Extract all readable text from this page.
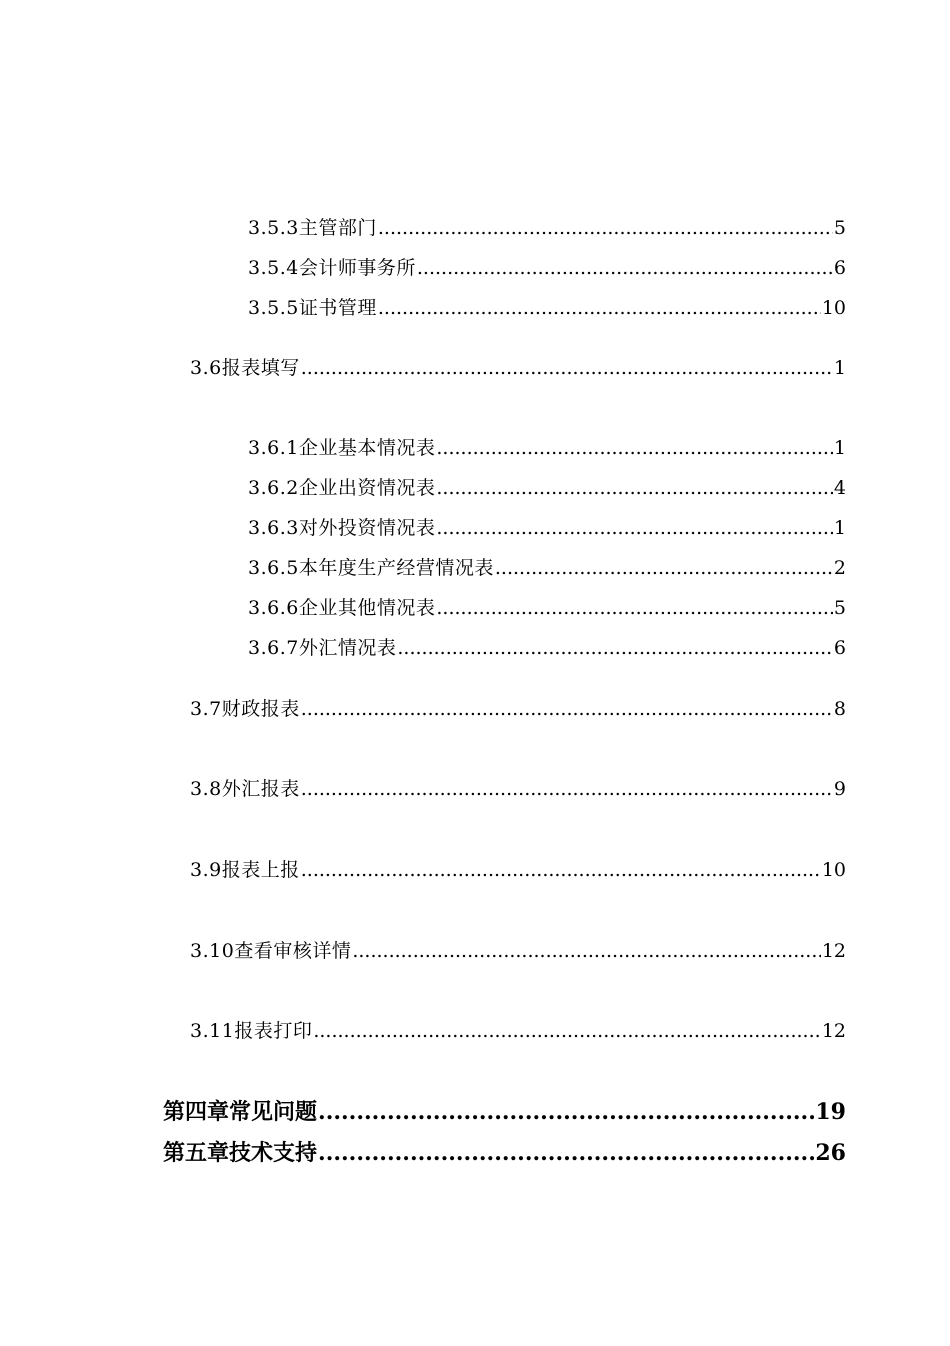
3.5.3 主管部门 .....	5
3.5.4 会计师事务所 .....	6
3.5.5 证书管理 .....	10
3.6 报表填写 .....	1
3.6.1 企业基本情况表 .....	1
3.6.2 企业出资情况表 .....	4
3.6.3 对外投资情况表 .....	1
3.6.5 本年度生产经营情况表 .....	2
3.6.6 企业其他情况表 .....	5
3.6.7 外汇情况表 .....	6
3.7 财政报表 .....	8
3.8 外汇报表 .....	9
3.9 报表上报 .....	10
3.10 查看审核详情 .....	12
3.11 报表打印 .....	12
第四章 常见问题 .....	19
第五章 技术支持 .....	26
